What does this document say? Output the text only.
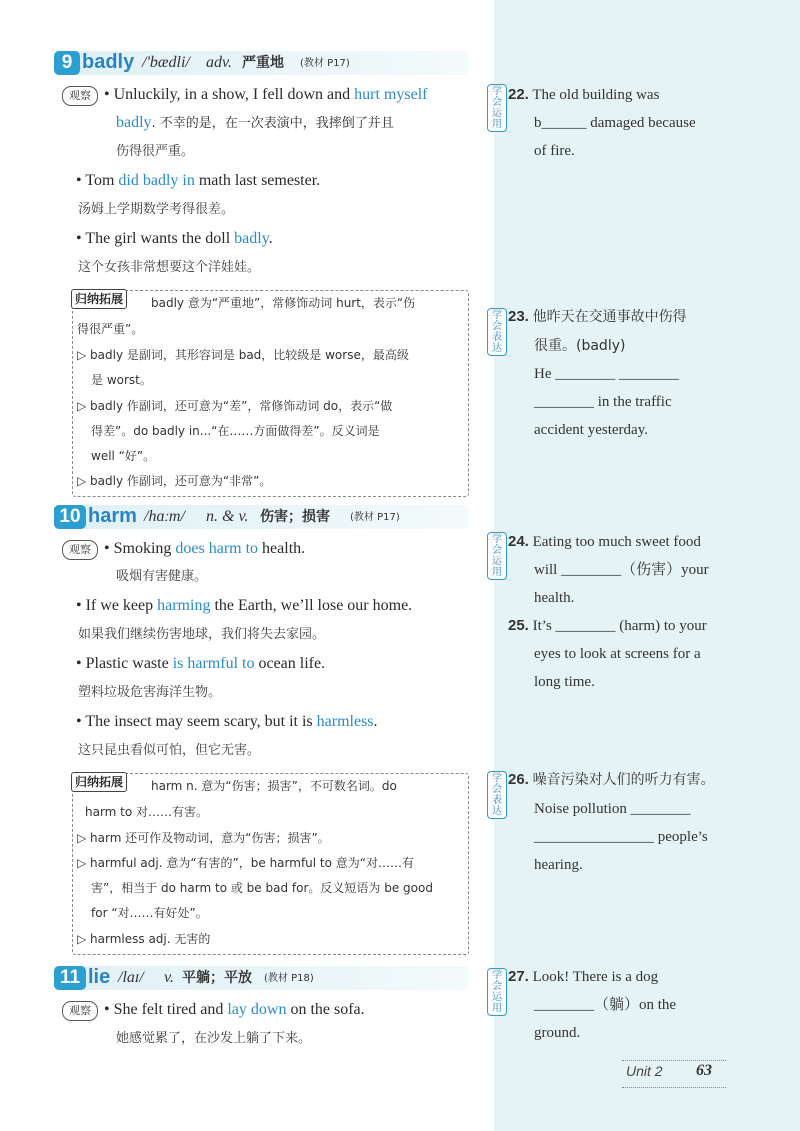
9 badly /'bædli/ adv. 严重地 (教材 P17)
观察 • Unluckily, in a show, I fell down and hurt myself
badly. 不幸的是，在一次表演中，我摔倒了并且
伤得很严重。
• Tom did badly in math last semester.
汤姆上学期数学考得很差。
• The girl wants the doll badly.
这个女孩非常想要这个洋娃娃。
归纳拓展	badly 意为“严重地”，常修饰动词 hurt，表示“伤
得很严重”。
▷ badly 是副词，其形容词是 bad，比较级是 worse，最高级
是 worst。
▷ badly 作副词，还可意为“差”，常修饰动词 do，表示“做
得差”。do badly in...“在……方面做得差”。反义词是
well “好”。
▷ badly 作副词，还可意为“非常”。
10 harm /hɑːm/ n. & v. 伤害；损害 (教材 P17)
观察 • Smoking does harm to health.
吸烟有害健康。
• If we keep harming the Earth, we’ll lose our home.
如果我们继续伤害地球，我们将失去家园。
• Plastic waste is harmful to ocean life.
塑料垃圾危害海洋生物。
• The insect may seem scary, but it is harmless.
这只昆虫看似可怕，但它无害。
归纳拓展	harm n. 意为“伤害；损害”，不可数名词。do
harm to 对……有害。
▷ harm 还可作及物动词，意为“伤害；损害”。
▷ harmful adj. 意为“有害的”，be harmful to 意为“对……有
害”，相当于 do harm to 或 be bad for。反义短语为 be good
for “对……有好处”。
▷ harmless adj. 无害的
11 lie /laɪ/ v. 平躺；平放 (教材 P18)
观察 • She felt tired and lay down on the sofa.
她感觉累了，在沙发上躺了下来。
学会运用
22. The old building was
b______ damaged because
of fire.
学会表达
23. 他昨天在交通事故中伤得
很重。(badly)
He ________ ________
________ in the traffic
accident yesterday.
学会运用
24. Eating too much sweet food
will ________（伤害）your
health.
25. It’s ________ (harm) to your
eyes to look at screens for a
long time.
学会表达
26. 噪音污染对人们的听力有害。
Noise pollution ________
________________ people’s
hearing.
学会运用
27. Look! There is a dog
________（躺）on the
ground.
Unit 2 63
